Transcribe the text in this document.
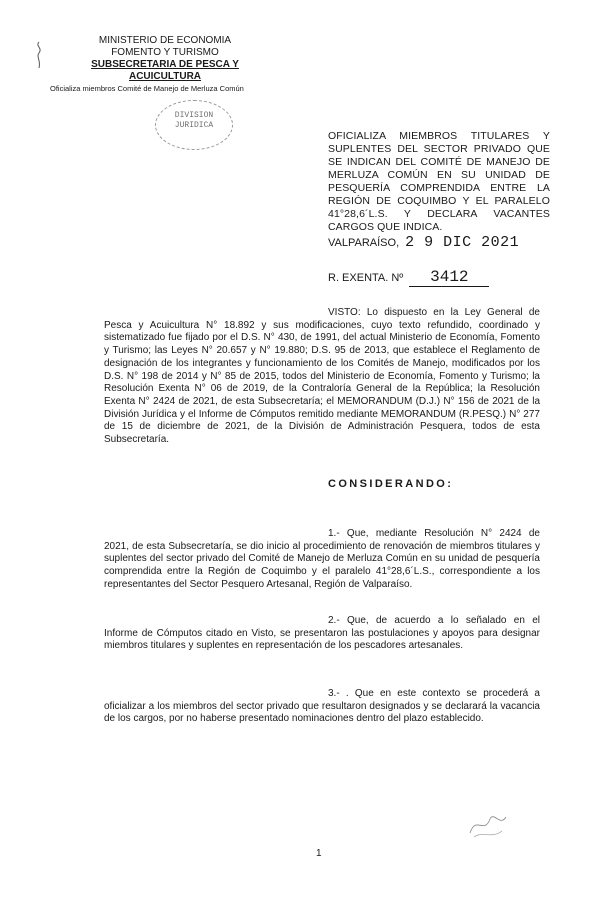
MINISTERIO DE ECONOMIA
FOMENTO Y TURISMO
SUBSECRETARIA DE PESCA Y
ACUICULTURA
Oficializa miembros Comité de Manejo de Merluza Común
DIVISION
JURIDICA
OFICIALIZA MIEMBROS TITULARES Y SUPLENTES DEL SECTOR PRIVADO QUE SE INDICAN DEL COMITÉ DE MANEJO DE MERLUZA COMÚN EN SU UNIDAD DE PESQUERÍA COMPRENDIDA ENTRE LA REGIÓN DE COQUIMBO Y EL PARALELO 41°28,6´L.S. Y DECLARA VACANTES CARGOS QUE INDICA.
VALPARAÍSO, 2 9 DIC 2021
R. EXENTA. Nº	3412
VISTO: Lo dispuesto en la Ley General de Pesca y Acuicultura N° 18.892 y sus modificaciones, cuyo texto refundido, coordinado y sistematizado fue fijado por el D.S. N° 430, de 1991, del actual Ministerio de Economía, Fomento y Turismo; las Leyes N° 20.657 y N° 19.880; D.S. 95 de 2013, que establece el Reglamento de designación de los integrantes y funcionamiento de los Comités de Manejo, modificados por los D.S. N° 198 de 2014 y N° 85 de 2015, todos del Ministerio de Economía, Fomento y Turismo; la Resolución Exenta N° 06 de 2019, de la Contraloría General de la República; la Resolución Exenta N° 2424 de 2021, de esta Subsecretaría; el MEMORANDUM (D.J.) N° 156 de 2021 de la División Jurídica y el Informe de Cómputos remitido mediante MEMORANDUM (R.PESQ.) N° 277 de 15 de diciembre de 2021, de la División de Administración Pesquera, todos de esta Subsecretaría.
CONSIDERANDO:
1.- Que, mediante Resolución N° 2424 de 2021, de esta Subsecretaría, se dio inicio al procedimiento de renovación de miembros titulares y suplentes del sector privado del Comité de Manejo de Merluza Común en su unidad de pesquería comprendida entre la Región de Coquimbo y el paralelo 41°28,6´L.S., correspondiente a los representantes del Sector Pesquero Artesanal, Región de Valparaíso.
2.- Que, de acuerdo a lo señalado en el Informe de Cómputos citado en Visto, se presentaron las postulaciones y apoyos para designar miembros titulares y suplentes en representación de los pescadores artesanales.
3.- . Que en este contexto se procederá a oficializar a los miembros del sector privado que resultaron designados y se declarará la vacancia de los cargos, por no haberse presentado nominaciones dentro del plazo establecido.
1
